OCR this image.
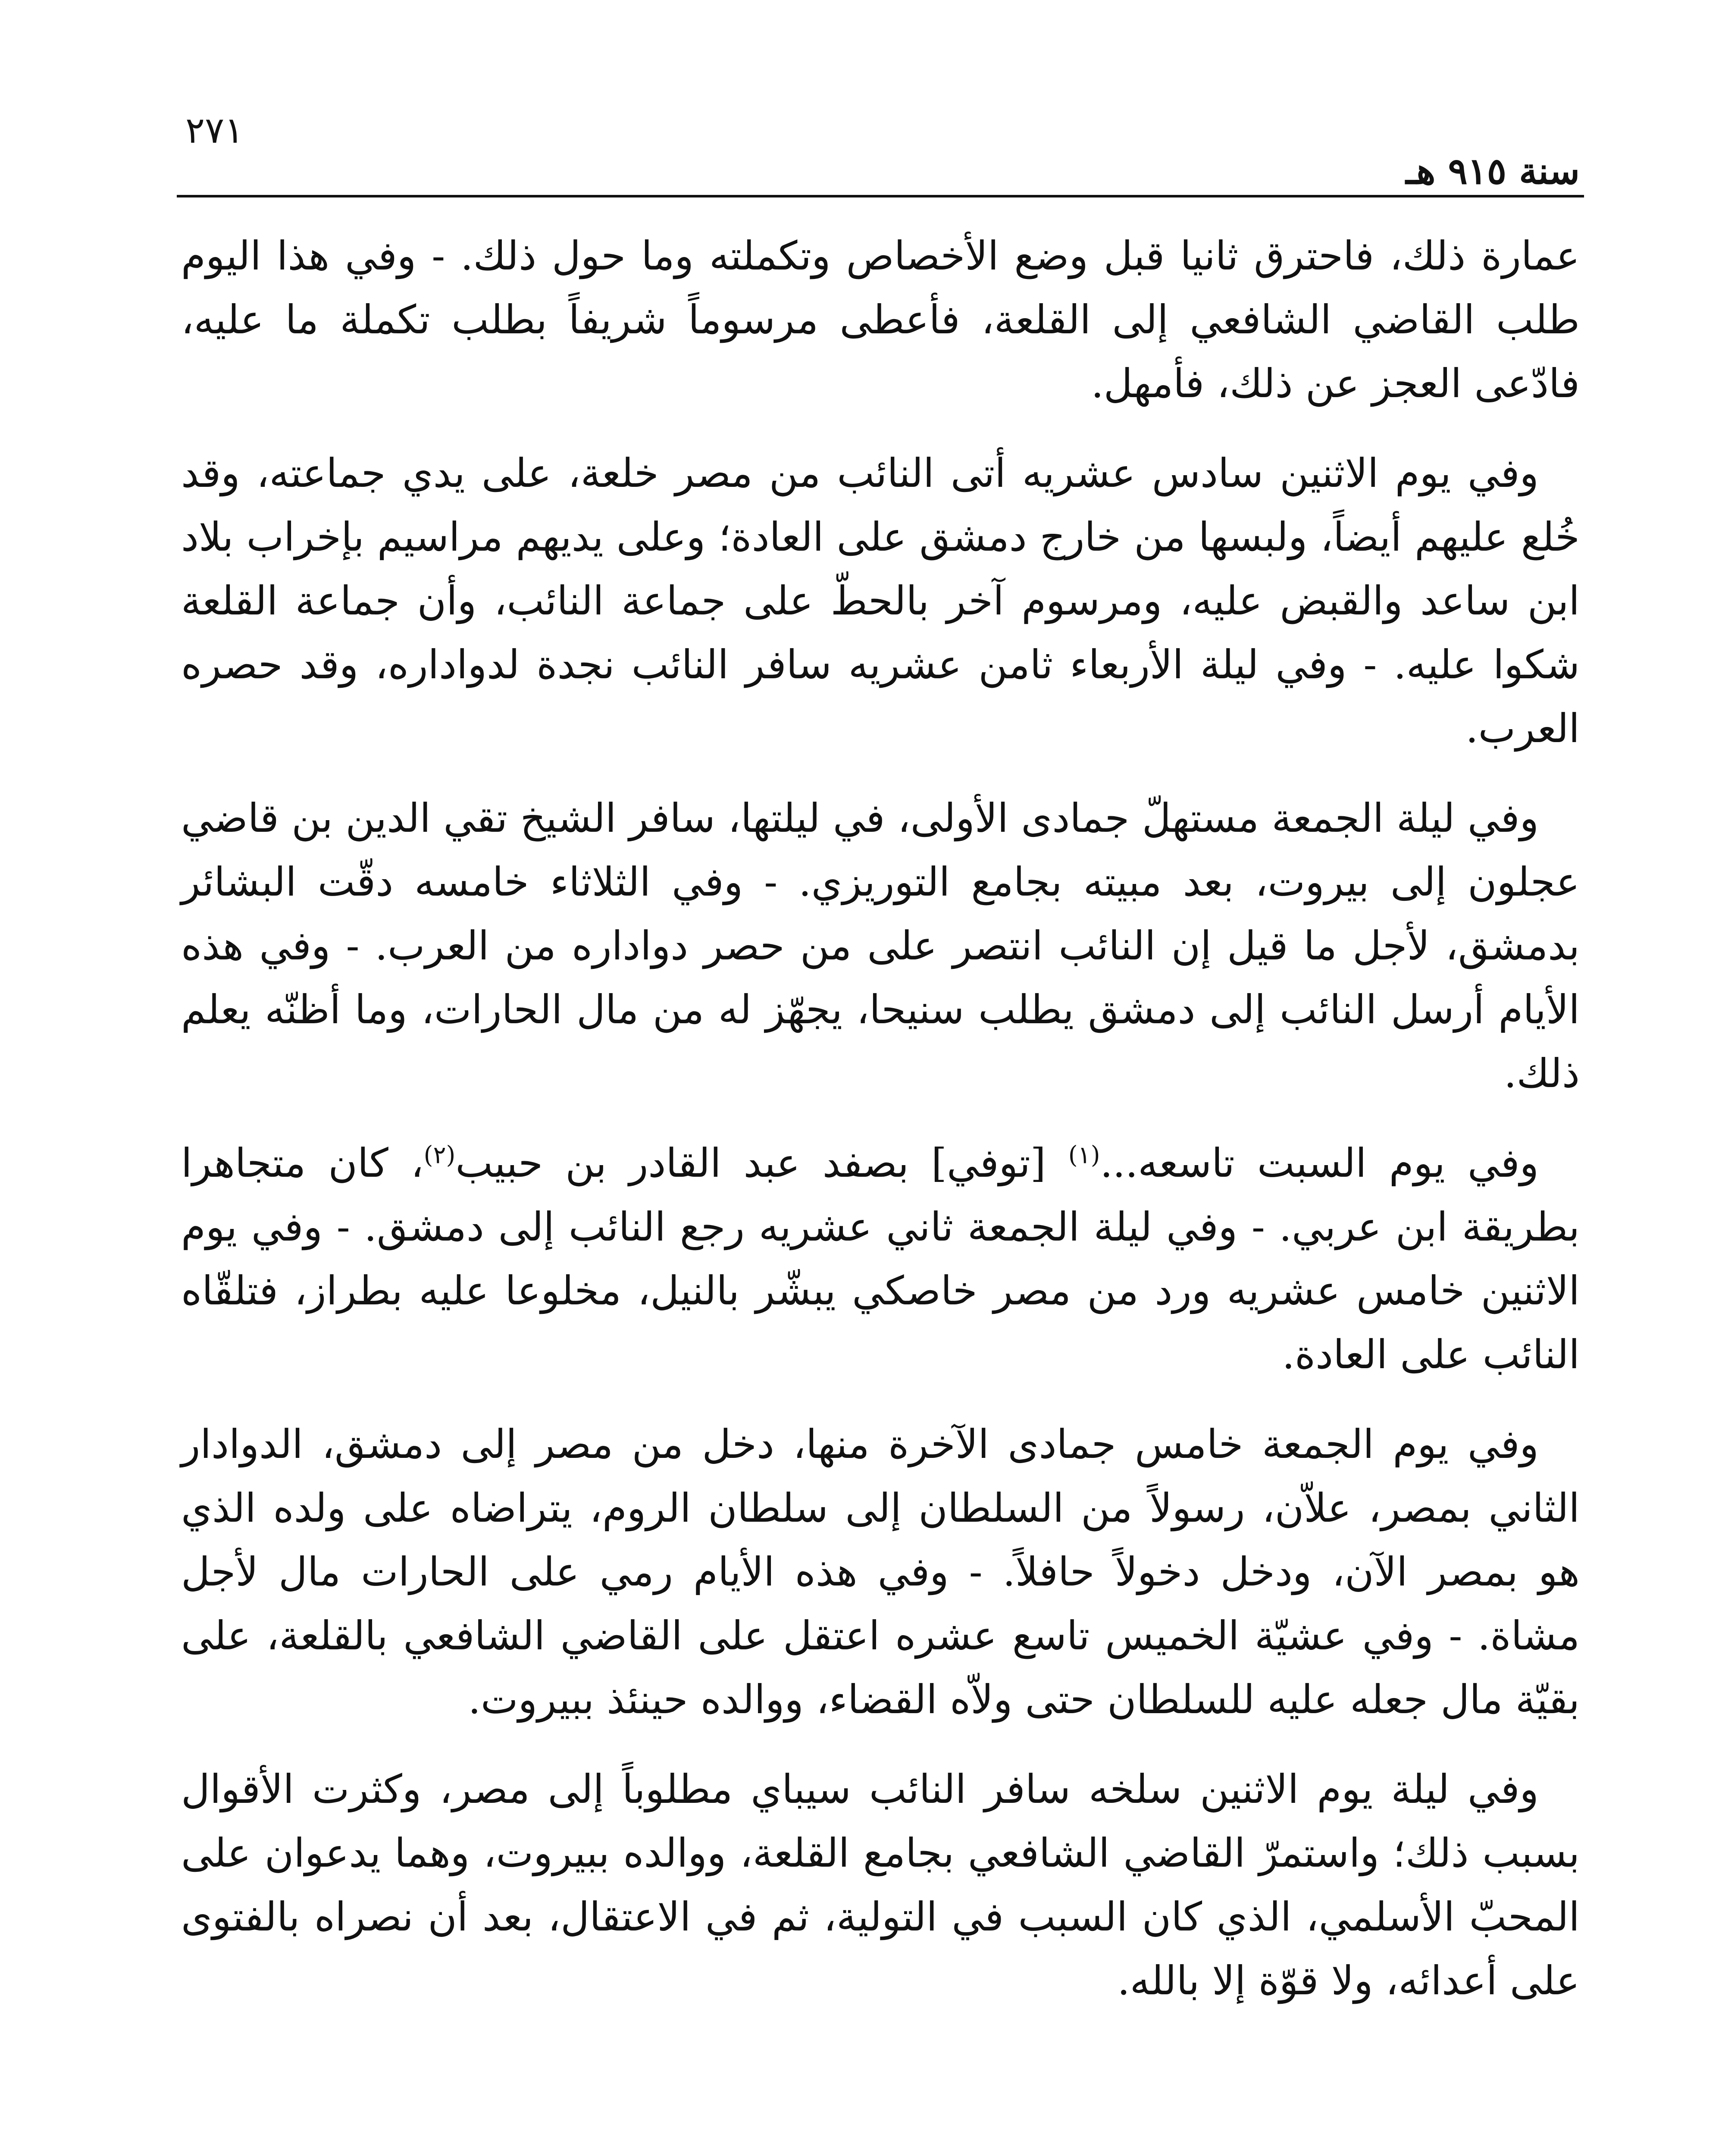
٢٧١
سنة ٩١٥ هـ

عمارة ذلك، فاحترق ثانيا قبل وضع الأخصاص وتكملته وما حول ذلك. - وفي هذا اليوم طلب القاضي الشافعي إلى القلعة، فأعطى مرسوماً شريفاً بطلب تكملة ما عليه، فادّعى العجز عن ذلك، فأمهل.

وفي يوم الاثنين سادس عشريه أتى النائب من مصر خلعة، على يدي جماعته، وقد خُلع عليهم أيضاً، ولبسها من خارج دمشق على العادة؛ وعلى يديهم مراسيم بإخراب بلاد ابن ساعد والقبض عليه، ومرسوم آخر بالحطّ على جماعة النائب، وأن جماعة القلعة شكوا عليه. - وفي ليلة الأربعاء ثامن عشريه سافر النائب نجدة لدواداره، وقد حصره العرب.

وفي ليلة الجمعة مستهلّ جمادى الأولى، في ليلتها، سافر الشيخ تقي الدين بن قاضي عجلون إلى بيروت، بعد مبيته بجامع التوريزي. - وفي الثلاثاء خامسه دقّت البشائر بدمشق، لأجل ما قيل إن النائب انتصر على من حصر دواداره من العرب. - وفي هذه الأيام أرسل النائب إلى دمشق يطلب سنيحا، يجهّز له من مال الحارات، وما أظنّه يعلم ذلك.

وفي يوم السبت تاسعه...$^{(١)}$ [توفي] بصفد عبد القادر بن حبيب$^{(٢)}$، كان متجاهرا بطريقة ابن عربي. - وفي ليلة الجمعة ثاني عشريه رجع النائب إلى دمشق. - وفي يوم الاثنين خامس عشريه ورد من مصر خاصكي يبشّر بالنيل، مخلوعا عليه بطراز، فتلقّاه النائب على العادة.

وفي يوم الجمعة خامس جمادى الآخرة منها، دخل من مصر إلى دمشق، الدوادار الثاني بمصر، علاّن، رسولاً من السلطان إلى سلطان الروم، يتراضاه على ولده الذي هو بمصر الآن، ودخل دخولاً حافلاً. - وفي هذه الأيام رمي على الحارات مال لأجل مشاة. - وفي عشيّة الخميس تاسع عشره اعتقل على القاضي الشافعي بالقلعة، على بقيّة مال جعله عليه للسلطان حتى ولاّه القضاء، ووالده حينئذ ببيروت.

وفي ليلة يوم الاثنين سلخه سافر النائب سيباي مطلوباً إلى مصر، وكثرت الأقوال بسبب ذلك؛ واستمرّ القاضي الشافعي بجامع القلعة، ووالده ببيروت، وهما يدعوان على المحبّ الأسلمي، الذي كان السبب في التولية، ثم في الاعتقال، بعد أن نصراه بالفتوى على أعدائه، ولا قوّة إلا بالله.
